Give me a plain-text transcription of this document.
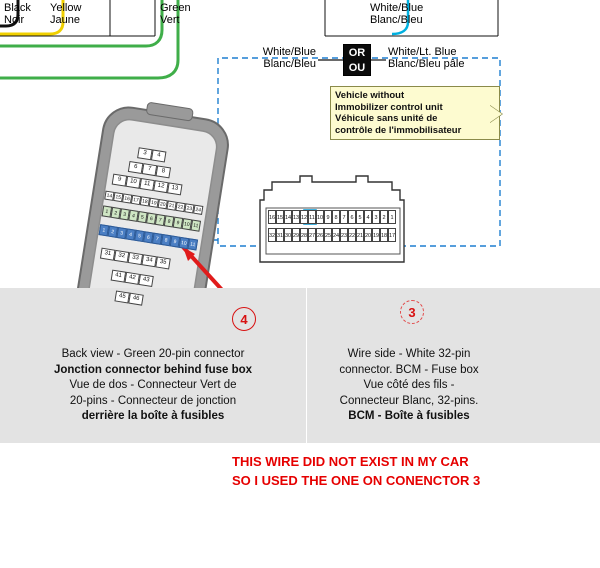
Black
Noir
Yellow
Jaune
Green
Vert
White/Blue
Blanc/Bleu
White/Blue
Blanc/Bleu
White/Lt. Blue
Blanc/Bleu pâle
OR
OU
Vehicle without
Immobilizer control unit
Véhicule sans unité de
contrôle de l'immobilisateur
3	4
6	7	8
9	10	11	12	13
14 15 16 17 18 19 20 21 22 23 24
1	2	3	4	5	6	7	8	9 10 11
1	2	3	4	5	6	7	8	9 10 11
31	32	33	34	35
41	42	43
45	46
16 15 14 13 12 11 10 9 8 7 6 5 4 3 2 1
32 31 30 29 28 27 26 25 24 23 22 21 20 19 18 17
4	3
Back view - Green 20-pin connector
Jonction connector behind fuse box
Vue de dos - Connecteur Vert de
20-pins - Connecteur de jonction
derrière la boîte à fusibles
Wire side - White 32-pin
connector. BCM - Fuse box
Vue côté des fils -
Connecteur Blanc, 32-pins.
BCM - Boîte à fusibles
THIS WIRE DID NOT EXIST IN MY CAR
SO I USED THE ONE ON CONENCTOR 3
